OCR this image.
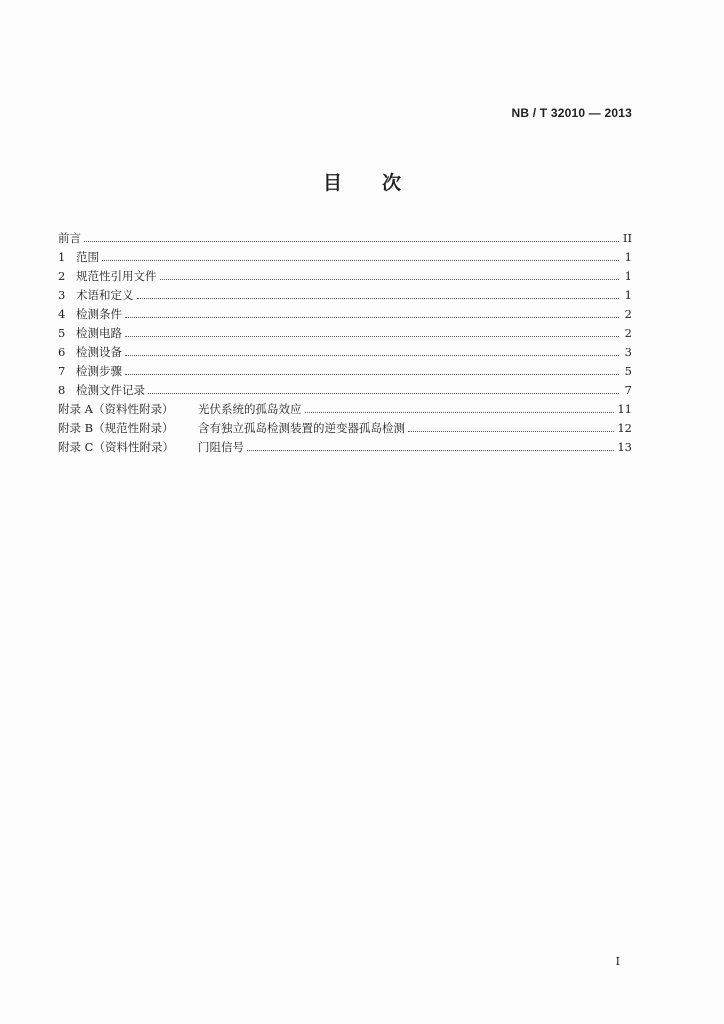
NB / T 32010 — 2013
目 次
前言	II
1 范围	1
2 规范性引用文件	1
3 术语和定义	1
4 检测条件	2
5 检测电路	2
6 检测设备	3
7 检测步骤	5
8 检测文件记录	7
附录 A（资料性附录）	光伏系统的孤岛效应	11
附录 B（规范性附录）	含有独立孤岛检测装置的逆变器孤岛检测	12
附录 C（资料性附录）	门阻信号	13
I
